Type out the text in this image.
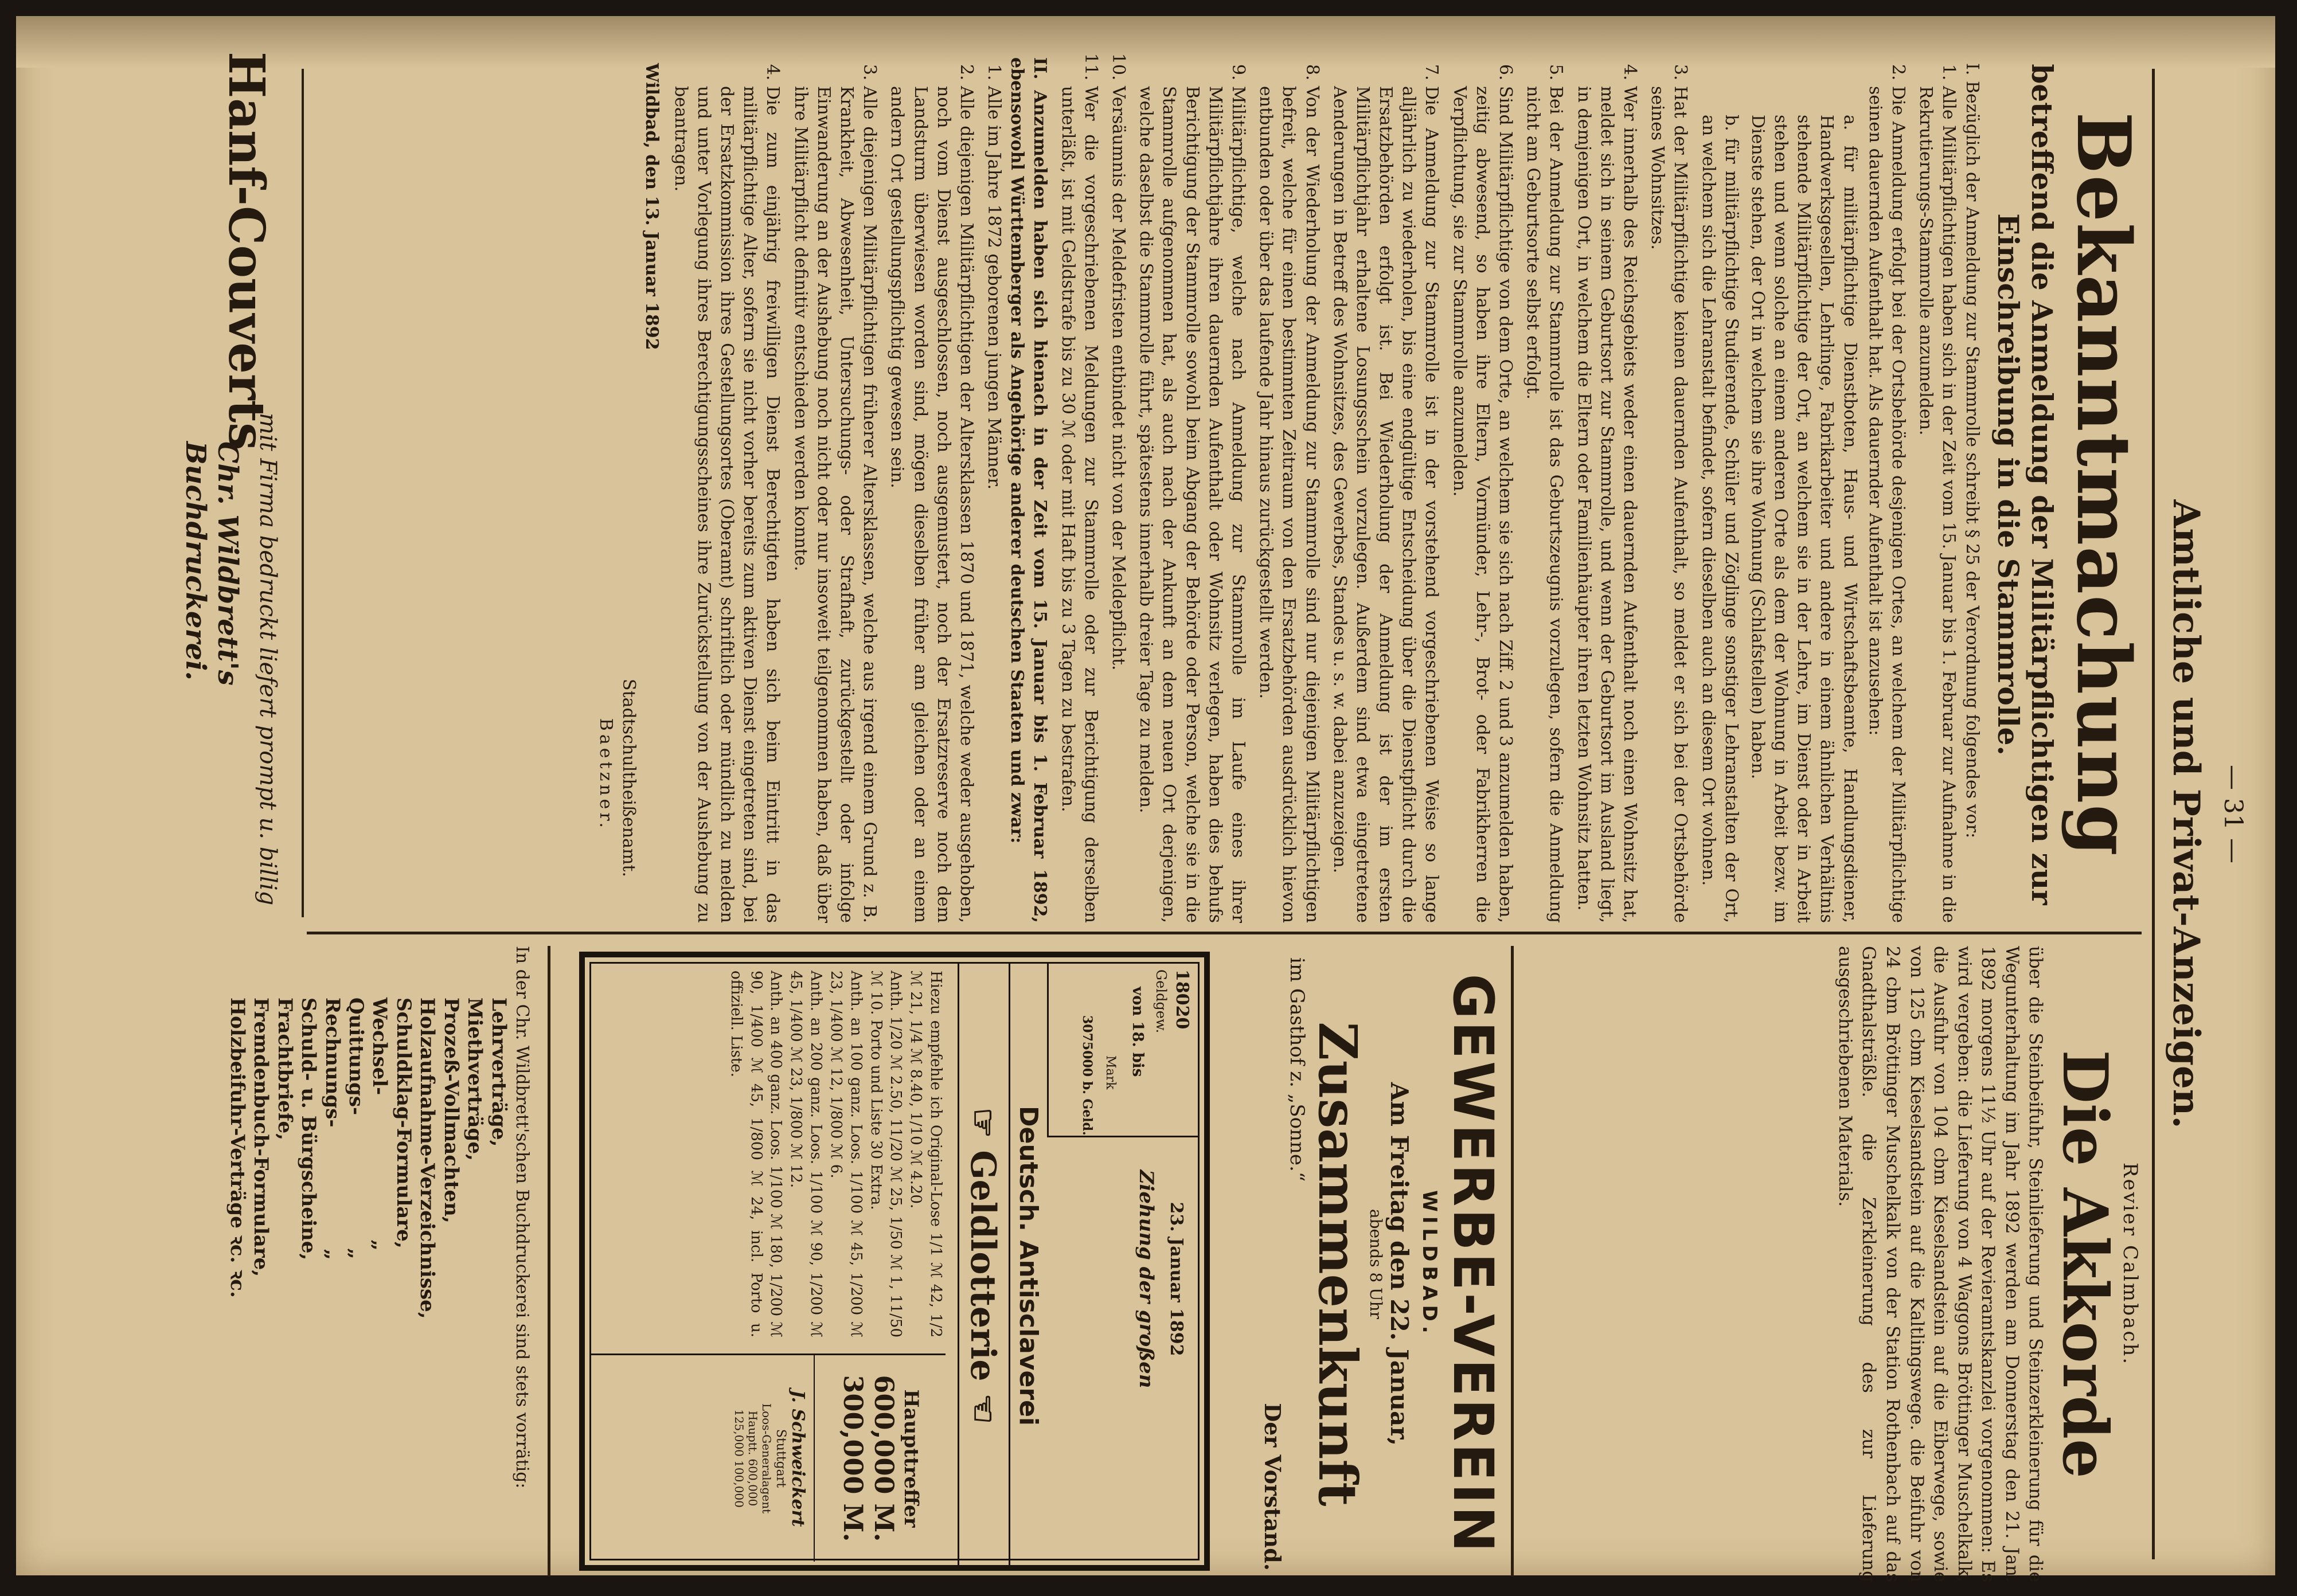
— 31 —
Amtliche und Privat-Anzeigen.
Bekanntmachung
betreffend die Anmeldung der Militärpflichtigen zur
Einschreibung in die Stammrolle.
I. Bezüglich der Anmeldung zur Stammrolle schreibt § 25 der Verordnung folgendes vor:
1. Alle Militärpflichtigen haben sich in der Zeit vom 15. Januar bis 1. Februar zur Aufnahme in die Rekrutierungs-Stammrolle anzumelden.
2. Die Anmeldung erfolgt bei der Ortsbehörde desjenigen Ortes, an welchem der Militärpflichtige seinen dauernden Aufenthalt hat. Als dauernder Aufenthalt ist anzusehen:
a. für militärpflichtige Dienstboten, Haus- und Wirtschaftsbeamte, Handlungsdiener, Handwerksgesellen, Lehrlinge, Fabrikarbeiter und andere in einem ähnlichen Verhältnis stehende Militärpflichtige der Ort, an welchem sie in der Lehre, im Dienst oder in Arbeit stehen und wenn solche an einem anderen Orte als dem der Wohnung in Arbeit bezw. im Dienste stehen, der Ort in welchem sie ihre Wohnung (Schlafstellen) haben.
b. für militärpflichtige Studierende, Schüler und Zöglinge sonstiger Lehranstalten der Ort, an welchem sich die Lehranstalt befindet, sofern dieselben auch an diesem Ort wohnen.
3. Hat der Militärpflichtige keinen dauernden Aufenthalt, so meldet er sich bei der Ortsbehörde seines Wohnsitzes.
4. Wer innerhalb des Reichsgebiets weder einen dauernden Aufenthalt noch einen Wohnsitz hat, meldet sich in seinem Geburtsort zur Stammrolle, und wenn der Geburtsort im Ausland liegt, in demjenigen Ort, in welchem die Eltern oder Familienhäupter ihren letzten Wohnsitz hatten.
5. Bei der Anmeldung zur Stammrolle ist das Geburtszeugnis vorzulegen, sofern die Anmeldung nicht am Geburtsorte selbst erfolgt.
6. Sind Militärpflichtige von dem Orte, an welchem sie sich nach Ziff. 2 und 3 anzumelden haben, zeitig abwesend, so haben ihre Eltern, Vormünder, Lehr-, Brot- oder Fabrikherren die Verpflichtung, sie zur Stammrolle anzumelden.
7. Die Anmeldung zur Stammrolle ist in der vorstehend vorgeschriebenen Weise so lange alljährlich zu wiederholen, bis eine endgültige Entscheidung über die Dienstpflicht durch die Ersatzbehörden erfolgt ist. Bei Wiederholung der Anmeldung ist der im ersten Militärpflichtjahr erhaltene Losungsschein vorzulegen. Außerdem sind etwa eingetretene Aenderungen in Betreff des Wohnsitzes, des Gewerbes, Standes u. s. w. dabei anzuzeigen.
8. Von der Wiederholung der Anmeldung zur Stammrolle sind nur diejenigen Militärpflichtigen befreit, welche für einen bestimmten Zeitraum von den Ersatzbehörden ausdrücklich hievon entbunden oder über das laufende Jahr hinaus zurückgestellt werden.
9. Militärpflichtige, welche nach Anmeldung zur Stammrolle im Laufe eines ihrer Militärpflichtjahre ihren dauernden Aufenthalt oder Wohnsitz verlegen, haben dies behufs Berichtigung der Stammrolle sowohl beim Abgang der Behörde oder Person, welche sie in die Stammrolle aufgenommen hat, als auch nach der Ankunft an dem neuen Ort derjenigen, welche daselbst die Stammrolle führt, spätestens innerhalb dreier Tage zu melden.
10. Versäumnis der Meldefristen entbindet nicht von der Meldepflicht.
11. Wer die vorgeschriebenen Meldungen zur Stammrolle oder zur Berichtigung derselben unterläßt, ist mit Geldstrafe bis zu 30 ℳ oder mit Haft bis zu 3 Tagen zu bestrafen.
II. Anzumelden haben sich hienach in der Zeit vom 15. Januar bis 1. Februar 1892, ebensowohl Württemberger als Angehörige anderer deutschen Staaten und zwar:
1. Alle im Jahre 1872 geborenen jungen Männer.
2. Alle diejenigen Militärpflichtigen der Altersklassen 1870 und 1871, welche weder ausgehoben, noch vom Dienst ausgeschlossen, noch ausgemustert, noch der Ersatzreserve noch dem Landsturm überwiesen worden sind, mögen dieselben früher am gleichen oder an einem andern Ort gestellungspflichtig gewesen sein.
3. Alle diejenigen Militärpflichtigen früherer Altersklassen, welche aus irgend einem Grund z. B. Krankheit, Abwesenheit, Untersuchungs- oder Strafhaft, zurückgestellt oder infolge Einwanderung an der Aushebung noch nicht oder nur insoweit teilgenommen haben, daß über ihre Militärpflicht definitiv entschieden werden konnte.
4. Die zum einjährig freiwilligen Dienst Berechtigten haben sich beim Eintritt in das militärpflichtige Alter, sofern sie nicht vorher bereits zum aktiven Dienst eingetreten sind, bei der Ersatzkommission ihres Gestellungsortes (Oberamt) schriftlich oder mündlich zu melden und unter Vorlegung ihres Berechtigungsscheines ihre Zurückstellung von der Aushebung zu beantragen.
Wildbad, den 13. Januar 1892
Stadtschultheißenamt.
Baetzner.
Hanf-Couverts
mit Firma bedruckt liefert prompt u. billig
Chr. Wildbrett's Buchdruckerei.
Revier Calmbach.
Die Akkorde
über die Steinbeifuhr, Steinlieferung und Steinzerkleinerung für die Wegunterhaltung im Jahr 1892 werden am Donnerstag den 21. Jan. 1892 morgens 11½ Uhr auf der Revieramtskanzlei vorgenommen: Es wird vergeben: die Lieferung von 4 Waggons Bröttinger Muschelkalk, die Ausfuhr von 104 cbm Kieselsandstein auf die Eiberwege, sowie von 125 cbm Kieselsandstein auf die Kaltlingswege. die Beifuhr von 24 cbm Bröttinger Muschelkalk von der Station Rothenbach auf das Gnadthalsträßle. die Zerkleinerung des zur Lieferung ausgeschriebenen Materials.
GEWERBE-VEREIN
WILDBAD.
Am Freitag den 22. Januar,
abends 8 Uhr
Zusammenkunft
im Gasthof z. „Sonne.“
Der Vorstand.
18020
Geldgew.
von 18. bis
Mark
3075000 b. Geld.
23. Januar 1892
Ziehung der großen
Deutsch. Antisclaverei
☞ Geldlotterie ☜
Hiezu empfehle ich Original-Lose 1/1 ℳ 42, 1/2 ℳ 21, 1/4 ℳ 8.40, 1/10 ℳ 4.20.
Anth. 1/20 ℳ 2.50, 11/20 ℳ 25, 1/50 ℳ 1, 11/50 ℳ 10. Porto und Liste 30 Extra.
Anth. an 100 ganz. Loos. 1/100 ℳ 45, 1/200 ℳ 23, 1/400 ℳ 12, 1/800 ℳ 6.
Anth. an 200 ganz. Loos. 1/100 ℳ 90, 1/200 ℳ 45, 1/400 ℳ 23, 1/800 ℳ 12.
Anth. an 400 ganz. Loos. 1/100 ℳ 180, 1/200 ℳ 90, 1/400 ℳ 45, 1/800 ℳ 24, incl. Porto u. offiziell. Liste.
Haupttreffer
600,000 M.
300,000 M.
J. Schweickert
Stuttgart
Loos-Generalagent
Hauptt. 600,000
125,000 100,000
In der Chr. Wildbrett'schen Buchdruckerei sind stets vorrätig:
Lehrverträge,
Miethverträge,
Prozeß-Vollmachten,
Holzaufnahme-Verzeichnisse,
Schuldklag-Formulare,
Wechsel- „
Quittungs- „
Rechnungs- „
Schuld- u. Bürgscheine,
Frachtbriefe,
Fremdenbuch-Formulare,
Holzbeifuhr-Verträge ꝛc. ꝛc.
